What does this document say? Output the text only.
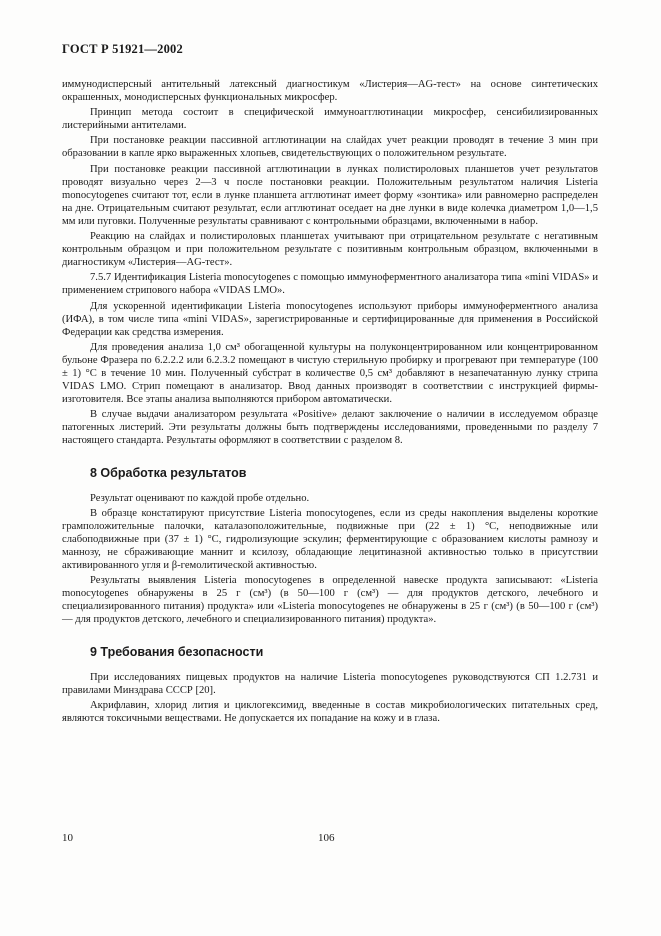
ГОСТ Р 51921—2002

иммунодисперсный антительный латексный диагностикум «Листерия—AG-тест» на основе синтетических окрашенных, монодисперсных функциональных микросфер.

Принцип метода состоит в специфической иммуноагглютинации микросфер, сенсибилизированных листерийными антителами.

При постановке реакции пассивной агглютинации на слайдах учет реакции проводят в течение 3 мин при образовании в капле ярко выраженных хлопьев, свидетельствующих о положительном результате.

При постановке реакции пассивной агглютинации в лунках полистироловых планшетов учет результатов проводят визуально через 2—3 ч после постановки реакции. Положительным результатом наличия Listeria monocytogenes считают тот, если в лунке планшета агглютинат имеет форму «зонтика» или равномерно распределен на дне. Отрицательным считают результат, если агглютинат оседает на дне лунки в виде колечка диаметром 1,0—1,5 мм или пуговки. Полученные результаты сравнивают с контрольными образцами, включенными в набор.

Реакцию на слайдах и полистироловых планшетах учитывают при отрицательном результате с негативным контрольным образцом и при положительном результате с позитивным контрольным образцом, включенными в диагностикум «Листерия—AG-тест».

7.5.7 Идентификация Listeria monocytogenes с помощью иммуноферментного анализатора типа «mini VIDAS» и применением стрипового набора «VIDAS LMO».

Для ускоренной идентификации Listeria monocytogenes используют приборы иммуноферментного анализа (ИФА), в том числе типа «mini VIDAS», зарегистрированные и сертифицированные для применения в Российской Федерации как средства измерения.

Для проведения анализа 1,0 см³ обогащенной культуры на полуконцентрированном или концентрированном бульоне Фразера по 6.2.2.2 или 6.2.3.2 помещают в чистую стерильную пробирку и прогревают при температуре (100 ± 1) °С в течение 10 мин. Полученный субстрат в количестве 0,5 см³ добавляют в незапечатанную лунку стрипа VIDAS LMO. Стрип помещают в анализатор. Ввод данных производят в соответствии с инструкцией фирмы-изготовителя. Все этапы анализа выполняются прибором автоматически.

В случае выдачи анализатором результата «Positive» делают заключение о наличии в исследуемом образце патогенных листерий. Эти результаты должны быть подтверждены исследованиями, проведенными по разделу 7 настоящего стандарта. Результаты оформляют в соответствии с разделом 8.

8 Обработка результатов

Результат оценивают по каждой пробе отдельно.

В образце констатируют присутствие Listeria monocytogenes, если из среды накопления выделены короткие грамположительные палочки, каталазоположительные, подвижные при (22 ± 1) °С, неподвижные или слабоподвижные при (37 ± 1) °С, гидролизующие эскулин; ферментирующие с образованием кислоты рамнозу и маннозу, не сбраживающие маннит и ксилозу, обладающие лецитиназной активностью только в присутствии активированного угля и β-гемолитической активностью.

Результаты выявления Listeria monocytogenes в определенной навеске продукта записывают: «Listeria monocytogenes обнаружены в 25 г (см³) (в 50—100 г (см³) — для продуктов детского, лечебного и специализированного питания) продукта» или «Listeria monocytogenes не обнаружены в 25 г (см³) (в 50—100 г (см³) — для продуктов детского, лечебного и специализированного питания) продукта».

9 Требования безопасности

При исследованиях пищевых продуктов на наличие Listeria monocytogenes руководствуются СП 1.2.731 и правилами Минздрава СССР [20].

Акрифлавин, хлорид лития и циклогексимид, введенные в состав микробиологических питательных сред, являются токсичными веществами. Не допускается их попадание на кожу и в глаза.

10	106
